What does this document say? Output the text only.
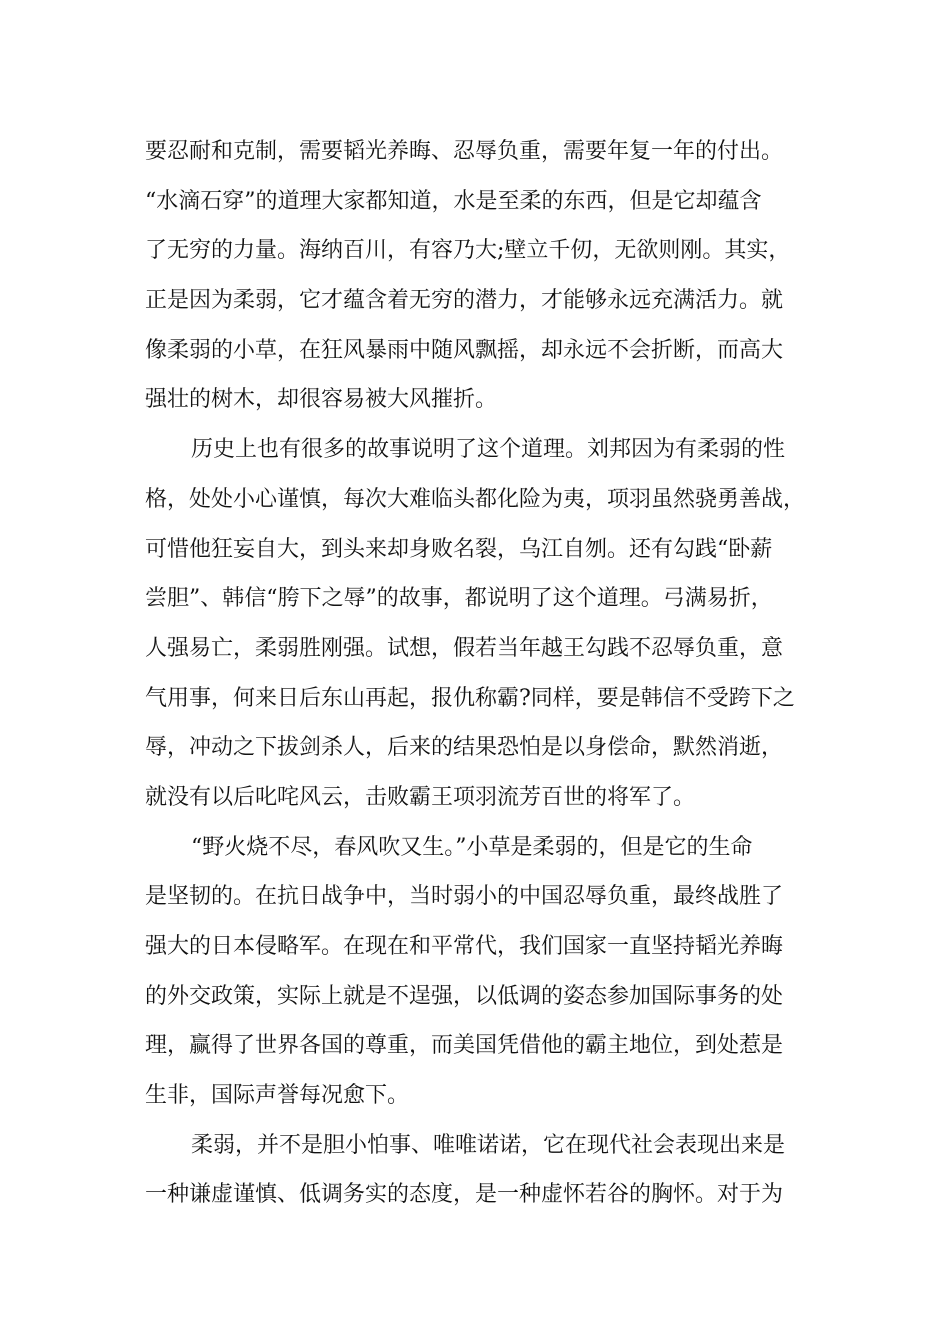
要忍耐和克制，需要韬光养晦、忍辱负重，需要年复一年的付出。
“水滴石穿”的道理大家都知道，水是至柔的东西，但是它却蕴含
了无穷的力量。海纳百川，有容乃大;壁立千仞，无欲则刚。其实，
正是因为柔弱，它才蕴含着无穷的潜力，才能够永远充满活力。就
像柔弱的小草，在狂风暴雨中随风飘摇，却永远不会折断，而高大
强壮的树木，却很容易被大风摧折。
历史上也有很多的故事说明了这个道理。刘邦因为有柔弱的性
格，处处小心谨慎，每次大难临头都化险为夷，项羽虽然骁勇善战，
可惜他狂妄自大，到头来却身败名裂，乌江自刎。还有勾践“卧薪
尝胆”、韩信“胯下之辱”的故事，都说明了这个道理。弓满易折，
人强易亡，柔弱胜刚强。试想，假若当年越王勾践不忍辱负重，意
气用事，何来日后东山再起，报仇称霸?同样，要是韩信不受跨下之
辱，冲动之下拔剑杀人，后来的结果恐怕是以身偿命，默然消逝，
就没有以后叱咤风云，击败霸王项羽流芳百世的将军了。
“野火烧不尽，春风吹又生。”小草是柔弱的，但是它的生命
是坚韧的。在抗日战争中，当时弱小的中国忍辱负重，最终战胜了
强大的日本侵略军。在现在和平常代，我们国家一直坚持韬光养晦
的外交政策，实际上就是不逞强，以低调的姿态参加国际事务的处
理，赢得了世界各国的尊重，而美国凭借他的霸主地位，到处惹是
生非，国际声誉每况愈下。
柔弱，并不是胆小怕事、唯唯诺诺，它在现代社会表现出来是
一种谦虚谨慎、低调务实的态度，是一种虚怀若谷的胸怀。对于为
